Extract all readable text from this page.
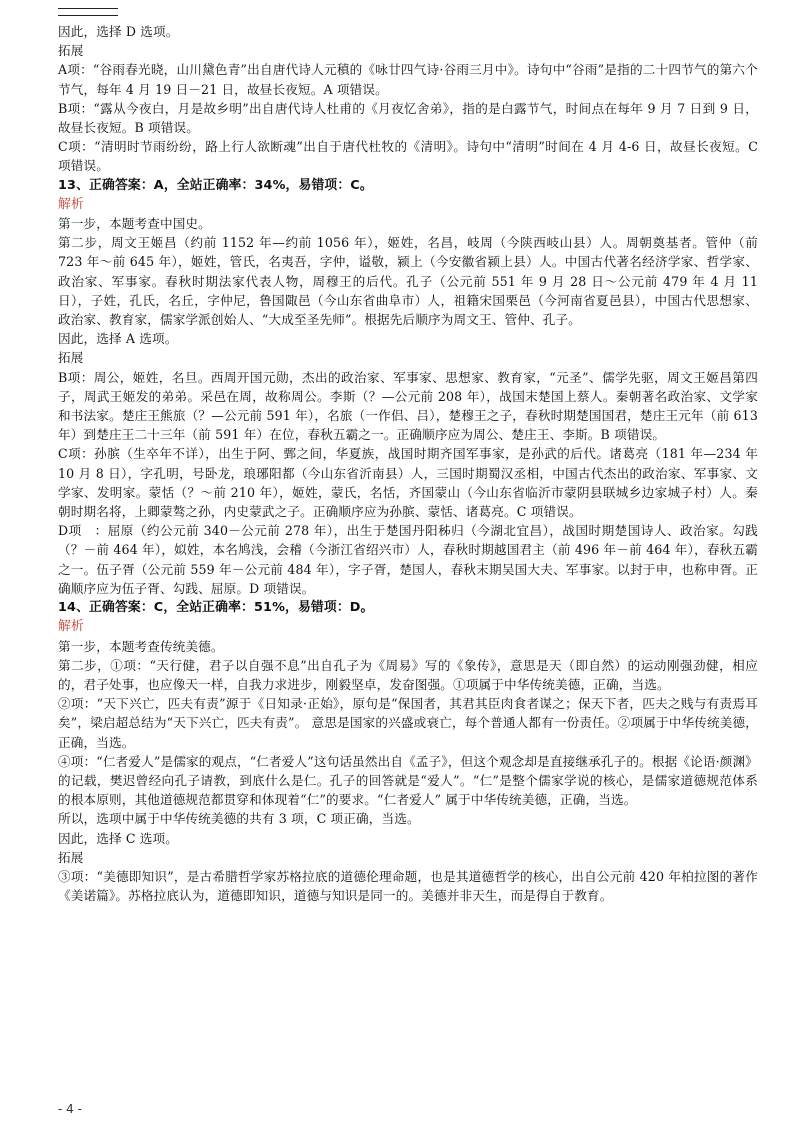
因此，选择 D 选项。

拓展

A项：“谷雨春光晓，山川黛色青”出自唐代诗人元稹的《咏廿四气诗·谷雨三月中》。诗句中“谷雨”是指的二十四节气的第六个节气，每年 4 月 19 日－21 日，故昼长夜短。A 项错误。

B项：“露从今夜白，月是故乡明”出自唐代诗人杜甫的《月夜忆舍弟》，指的是白露节气，时间点在每年 9 月 7 日到 9 日，故昼长夜短。B 项错误。

C项：“清明时节雨纷纷，路上行人欲断魂”出自于唐代杜牧的《清明》。诗句中“清明”时间在 4 月 4-6 日，故昼长夜短。C 项错误。

13、正确答案：A，全站正确率：34%，易错项：C。

解析

第一步，本题考查中国史。

第二步，周文王姬昌（约前 1152 年—约前 1056 年），姬姓，名昌，岐周（今陕西岐山县）人。周朝奠基者。管仲（前 723 年～前 645 年），姬姓，管氏，名夷吾，字仲，谥敬，颍上（今安徽省颍上县）人。中国古代著名经济学家、哲学家、政治家、军事家。春秋时期法家代表人物，周穆王的后代。孔子（公元前 551 年 9 月 28 日～公元前 479 年 4 月 11 日），子姓，孔氏，名丘，字仲尼，鲁国陬邑（今山东省曲阜市）人，祖籍宋国栗邑（今河南省夏邑县），中国古代思想家、政治家、教育家，儒家学派创始人、“大成至圣先师”。根据先后顺序为周文王、管仲、孔子。

因此，选择 A 选项。

拓展

B项：周公，姬姓，名旦。西周开国元勋，杰出的政治家、军事家、思想家、教育家，“元圣”、儒学先驱，周文王姬昌第四子，周武王姬发的弟弟。采邑在周，故称周公。李斯（？—公元前 208 年），战国末楚国上蔡人。秦朝著名政治家、文学家和书法家。楚庄王熊旅（？—公元前 591 年），名旅（一作侣、吕），楚穆王之子，春秋时期楚国国君，楚庄王元年（前 613 年）到楚庄王二十三年（前 591 年）在位，春秋五霸之一。正确顺序应为周公、楚庄王、李斯。B 项错误。

C项：孙膑（生卒年不详），出生于阿、鄄之间，华夏族，战国时期齐国军事家，是孙武的后代。诸葛亮（181 年—234 年 10 月 8 日），字孔明，号卧龙，琅琊阳都（今山东省沂南县）人，三国时期蜀汉丞相，中国古代杰出的政治家、军事家、文学家、发明家。蒙恬（？～前 210 年），姬姓，蒙氏，名恬，齐国蒙山（今山东省临沂市蒙阴县联城乡边家城子村）人。秦朝时期名将，上卿蒙骜之孙，内史蒙武之子。正确顺序应为孙膑、蒙恬、诸葛亮。C 项错误。

D项　：屈原（约公元前 340－公元前 278 年），出生于楚国丹阳秭归（今湖北宜昌），战国时期楚国诗人、政治家。勾践（？－前 464 年），姒姓，本名鸠浅，会稽（今浙江省绍兴市）人，春秋时期越国君主（前 496 年－前 464 年），春秋五霸之一。伍子胥（公元前 559 年－公元前 484 年），字子胥，楚国人，春秋末期吴国大夫、军事家。以封于申，也称申胥。正确顺序应为伍子胥、勾践、屈原。D 项错误。

14、正确答案：C，全站正确率：51%，易错项：D。

解析

第一步，本题考查传统美德。

第二步，①项：“天行健，君子以自强不息”出自孔子为《周易》写的《象传》，意思是天（即自然）的运动刚强劲健，相应的，君子处事，也应像天一样，自我力求进步，刚毅坚卓，发奋图强。①项属于中华传统美德，正确，当选。

②项：“天下兴亡，匹夫有责”源于《日知录·正始》，原句是“保国者，其君其臣肉食者谋之；保天下者，匹夫之贱与有责焉耳矣”，梁启超总结为“天下兴亡，匹夫有责”。 意思是国家的兴盛或衰亡，每个普通人都有一份责任。②项属于中华传统美德，正确，当选。

④项：“仁者爱人”是儒家的观点，“仁者爱人”这句话虽然出自《孟子》，但这个观念却是直接继承孔子的。根据《论语·颜渊》的记载，樊迟曾经向孔子请教，到底什么是仁。孔子的回答就是“爱人”。“仁”是整个儒家学说的核心，是儒家道德规范体系的根本原则，其他道德规范都贯穿和体现着“仁”的要求。“仁者爱人” 属于中华传统美德，正确，当选。

所以，选项中属于中华传统美德的共有 3 项，C 项正确，当选。

因此，选择 C 选项。

拓展

③项：“美德即知识”，是古希腊哲学家苏格拉底的道德伦理命题，也是其道德哲学的核心，出自公元前 420 年柏拉图的著作《美诺篇》。苏格拉底认为，道德即知识，道德与知识是同一的。美德并非天生，而是得自于教育。

- 4 -
